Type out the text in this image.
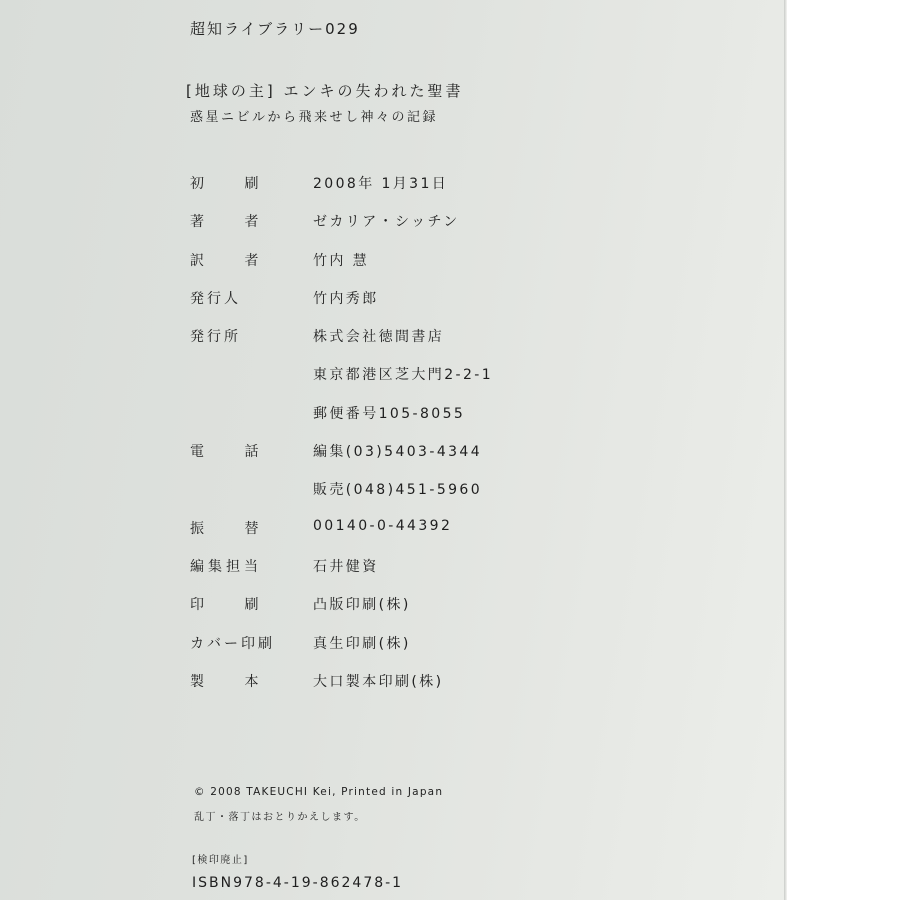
超知ライブラリー029
[地球の主] エンキの失われた聖書
惑星ニビルから飛来せし神々の記録
初 刷	2008年 1月31日
著 者	ゼカリア・シッチン
訳 者	竹内 慧
発行人	竹内秀郎
発行所	株式会社徳間書店
東京都港区芝大門2-2-1
郵便番号105-8055
電 話	編集(03)5403-4344
販売(048)451-5960
振 替	00140-0-44392
編集担当	石井健資
印 刷	凸版印刷(株)
カバー印刷	真生印刷(株)
製 本	大口製本印刷(株)
© 2008 TAKEUCHI Kei, Printed in Japan
乱丁・落丁はおとりかえします。
[検印廃止]
ISBN978-4-19-862478-1
